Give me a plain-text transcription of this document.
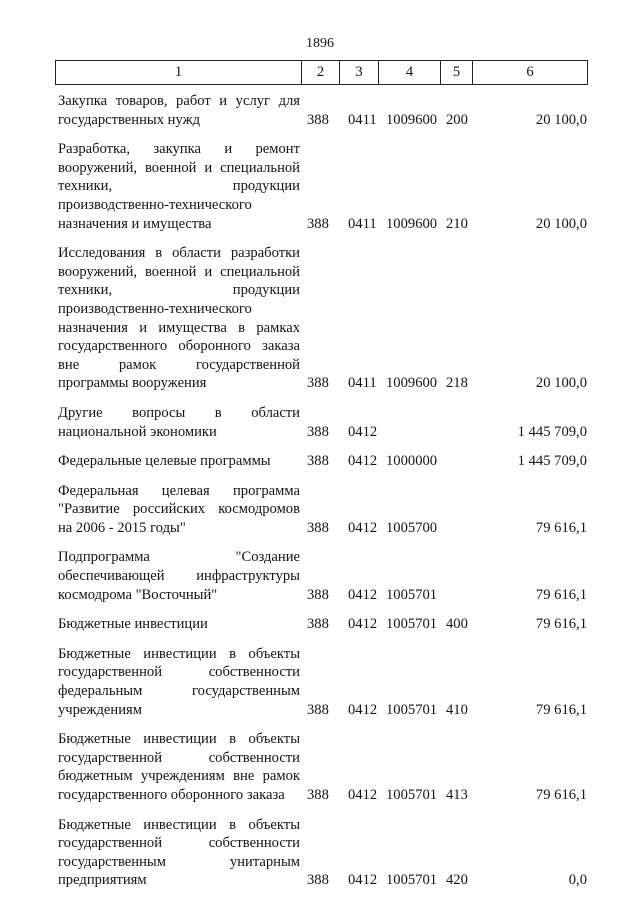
1896
1	2	3	4	5	6
Закупка товаров, работ и услуг для
государственных нужд	388 0411 1009600 200	20 100,0
Разработка, закупка и ремонт
вооружений, военной и специальной
техники, продукции
производственно-технического
назначения и имущества	388 0411 1009600 210	20 100,0
Исследования в области разработки
вооружений, военной и специальной
техники, продукции
производственно-технического
назначения и имущества в рамках
государственного оборонного заказа
вне рамок государственной
программы вооружения	388 0411 1009600 218	20 100,0
Другие вопросы в области
национальной экономики	388 0412	1 445 709,0
Федеральные целевые программы	388 0412 1000000	1 445 709,0
Федеральная целевая программа
"Развитие российских космодромов
на 2006 - 2015 годы"	388 0412 1005700	79 616,1
Подпрограмма "Создание
обеспечивающей инфраструктуры
космодрома "Восточный"	388 0412 1005701	79 616,1
Бюджетные инвестиции	388 0412 1005701 400	79 616,1
Бюджетные инвестиции в объекты
государственной собственности
федеральным государственным
учреждениям	388 0412 1005701 410	79 616,1
Бюджетные инвестиции в объекты
государственной собственности
бюджетным учреждениям вне рамок
государственного оборонного заказа	388 0412 1005701 413	79 616,1
Бюджетные инвестиции в объекты
государственной собственности
государственным унитарным
предприятиям	388 0412 1005701 420	0,0
